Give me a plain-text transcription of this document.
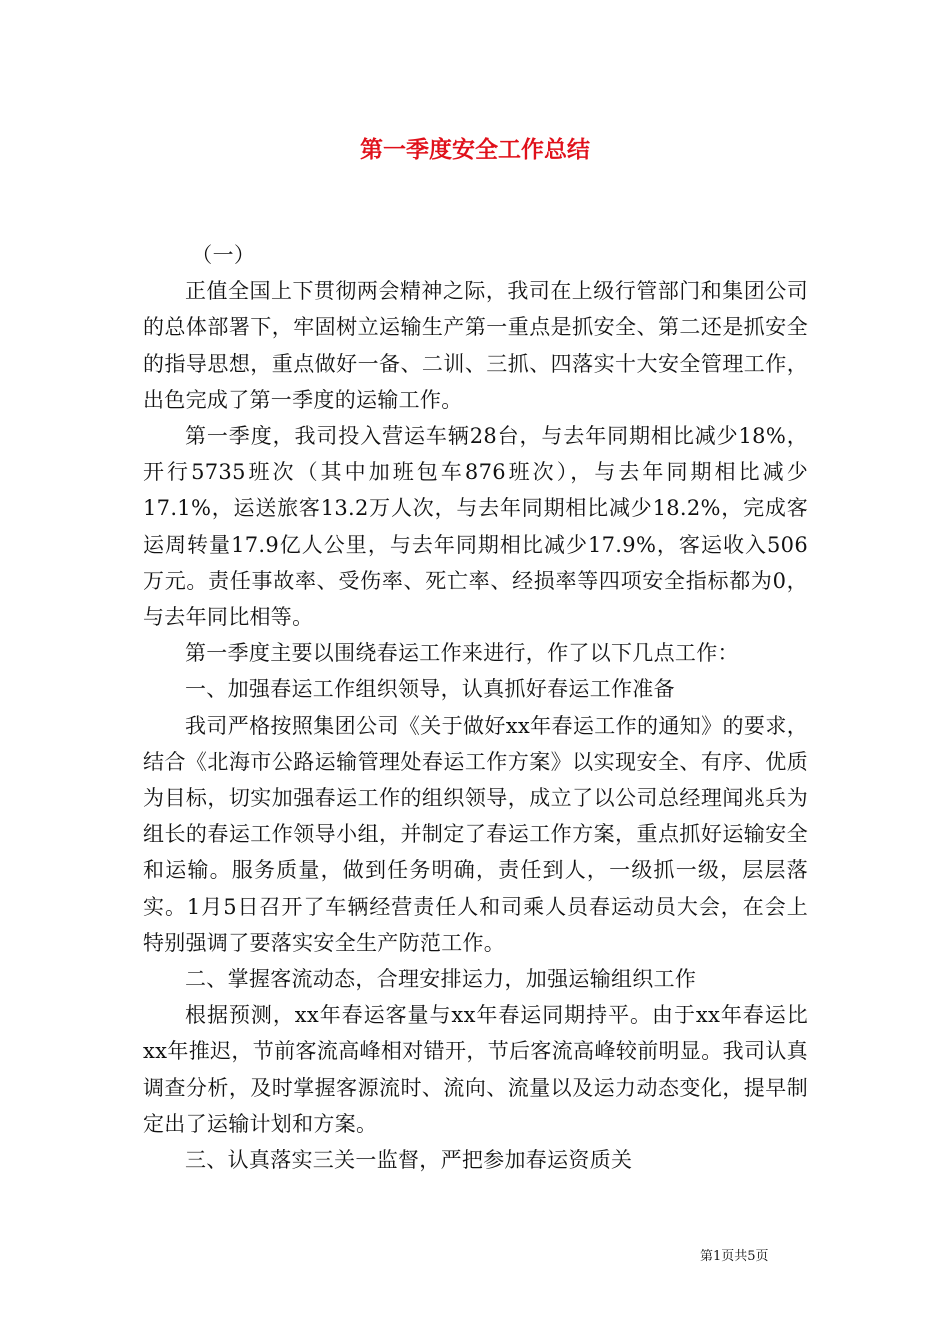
第一季度安全工作总结

（一）

正值全国上下贯彻两会精神之际，我司在上级行管部门和集团公司的总体部署下，牢固树立运输生产第一重点是抓安全、第二还是抓安全的指导思想，重点做好一备、二训、三抓、四落实十大安全管理工作，出色完成了第一季度的运输工作。

第一季度，我司投入营运车辆28台，与去年同期相比减少18%，开行5735班次（其中加班包车876班次），与去年同期相比减少17.1%，运送旅客13.2万人次，与去年同期相比减少18.2%，完成客运周转量17.9亿人公里，与去年同期相比减少17.9%，客运收入506万元。责任事故率、受伤率、死亡率、经损率等四项安全指标都为0，与去年同比相等。

第一季度主要以围绕春运工作来进行，作了以下几点工作：

一、加强春运工作组织领导，认真抓好春运工作准备

我司严格按照集团公司《关于做好xx年春运工作的通知》的要求，结合《北海市公路运输管理处春运工作方案》以实现安全、有序、优质为目标，切实加强春运工作的组织领导，成立了以公司总经理闻兆兵为组长的春运工作领导小组，并制定了春运工作方案，重点抓好运输安全和运输。服务质量，做到任务明确，责任到人，一级抓一级，层层落实。1月5日召开了车辆经营责任人和司乘人员春运动员大会，在会上特别强调了要落实安全生产防范工作。

二、掌握客流动态，合理安排运力，加强运输组织工作

根据预测，xx年春运客量与xx年春运同期持平。由于xx年春运比xx年推迟，节前客流高峰相对错开，节后客流高峰较前明显。我司认真调查分析，及时掌握客源流时、流向、流量以及运力动态变化，提早制定出了运输计划和方案。

三、认真落实三关一监督，严把参加春运资质关

第1页共5页
